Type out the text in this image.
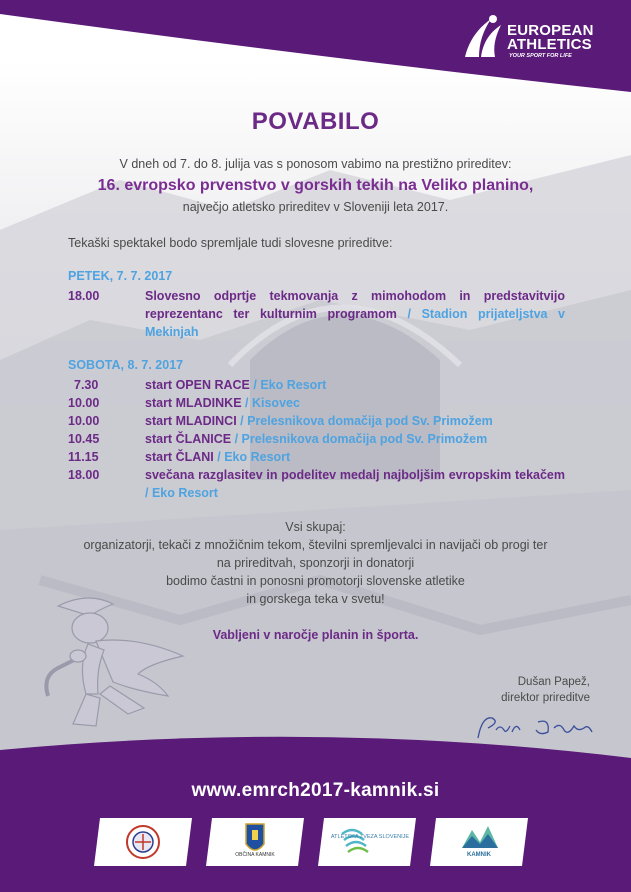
EUROPEAN
ATHLETICS
YOUR SPORT FOR LIFE
POVABILO
V dneh od 7. do 8. julija vas s ponosom vabimo na prestižno prireditev:
16. evropsko prvenstvo v gorskih tekih na Veliko planino,
največjo atletsko prireditev v Sloveniji leta 2017.
Tekaški spektakel bodo spremljale tudi slovesne prireditve:
PETEK, 7. 7. 2017
18.00	Slovesno odprtje tekmovanja z mimohodom in predstavitvijo reprezentanc ter kulturnim programom / Stadion prijateljstva v Mekinjah
SOBOTA, 8. 7. 2017
7.30	start OPEN RACE / Eko Resort
10.00	start MLADINKE / Kisovec
10.00	start MLADINCI / Prelesnikova domačija pod Sv. Primožem
10.45	start ČLANICE / Prelesnikova domačija pod Sv. Primožem
11.15	start ČLANI / Eko Resort
18.00	svečana razglasitev in podelitev medalj najboljšim evropskim tekačem / Eko Resort
Vsi skupaj:
organizatorji, tekači z množičnim tekom, številni spremljevalci in navijači ob progi ter
na prireditvah, sponzorji in donatorji
bodimo častni in ponosni promotorji slovenske atletike
in gorskega teka v svetu!
Vabljeni v naročje planin in športa.
Dušan Papež,
direktor prireditve
www.emrch2017-kamnik.si
OBČINA KAMNIK
ATLETSKA ZVEZA SLOVENIJE
KAMNIK
